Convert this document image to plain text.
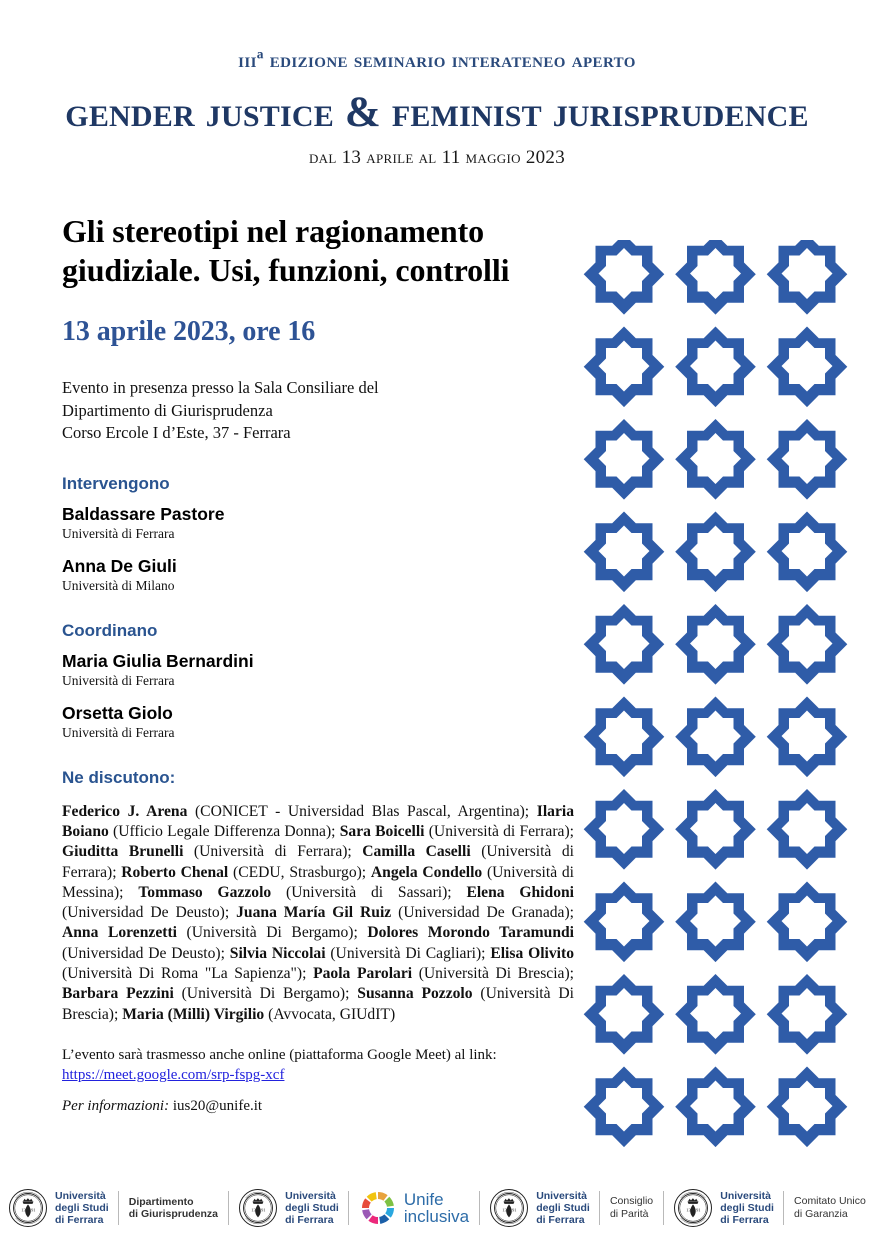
iiiª edizione seminario interateneo aperto
gender justice & feminist jurisprudence
dal 13 aprile al 11 maggio 2023
Gli stereotipi nel ragionamento
giudiziale. Usi, funzioni, controlli
13 aprile 2023, ore 16
Evento in presenza presso la Sala Consiliare del
Dipartimento di Giurisprudenza
Corso Ercole I d’Este, 37 - Ferrara
Intervengono
Baldassare Pastore
Università di Ferrara
Anna De Giuli
Università di Milano
Coordinano
Maria Giulia Bernardini
Università di Ferrara
Orsetta Giolo
Università di Ferrara
Ne discutono:
Federico J. Arena (CONICET - Universidad Blas Pascal, Argentina); Ilaria Boiano (Ufficio Legale Differenza Donna); Sara Boicelli (Università di Ferrara); Giuditta Brunelli (Università di Ferrara); Camilla Caselli (Università di Ferrara); Roberto Chenal (CEDU, Strasburgo); Angela Condello (Università di Messina); Tommaso Gazzolo (Università di Sassari); Elena Ghidoni (Universidad De Deusto); Juana María Gil Ruiz (Universidad De Granada); Anna Lorenzetti (Università Di Bergamo); Dolores Morondo Taramundi (Universidad De Deusto); Silvia Niccolai (Università Di Cagliari); Elisa Olivito (Università Di Roma "La Sapienza"); Paola Parolari (Università Di Brescia); Barbara Pezzini (Università Di Bergamo); Susanna Pozzolo (Università Di Brescia); Maria (Milli) Virgilio (Avvocata, GIUdIT)
L’evento sarà trasmesso anche online (piattaforma Google Meet) al link:
https://meet.google.com/srp-fspg-xcf
Per informazioni: ius20@unife.it
13 91
Università
degli Studi
di Ferrara
Dipartimento
di Giurisprudenza	13 91
Università
degli Studi
di Ferrara
Unife
inclusiva	13 91
Università
degli Studi
di Ferrara
Consiglio
di Parità	13 91
Università
degli Studi
di Ferrara
Comitato Unico
di Garanzia
